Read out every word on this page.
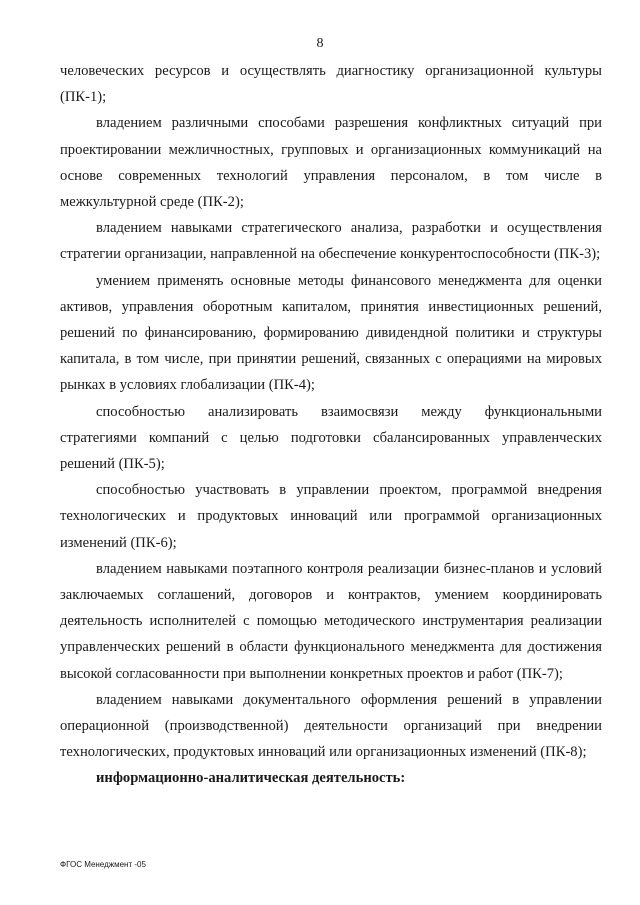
8

человеческих ресурсов и осуществлять диагностику организационной культуры (ПК-1);

владением различными способами разрешения конфликтных ситуаций при проектировании межличностных, групповых и организационных коммуникаций на основе современных технологий управления персоналом, в том числе в межкультурной среде (ПК-2);

владением навыками стратегического анализа, разработки и осуществления стратегии организации, направленной на обеспечение конкурентоспособности (ПК-3);

умением применять основные методы финансового менеджмента для оценки активов, управления оборотным капиталом, принятия инвестиционных решений, решений по финансированию, формированию дивидендной политики и структуры капитала, в том числе, при принятии решений, связанных с операциями на мировых рынках в условиях глобализации (ПК-4);

способностью анализировать взаимосвязи между функциональными стратегиями компаний с целью подготовки сбалансированных управленческих решений (ПК-5);

способностью участвовать в управлении проектом, программой внедрения технологических и продуктовых инноваций или программой организационных изменений (ПК-6);

владением навыками поэтапного контроля реализации бизнес-планов и условий заключаемых соглашений, договоров и контрактов, умением координировать деятельность исполнителей с помощью методического инструментария реализации управленческих решений в области функционального менеджмента для достижения высокой согласованности при выполнении конкретных проектов и работ (ПК-7);

владением навыками документального оформления решений в управлении операционной (производственной) деятельности организаций при внедрении технологических, продуктовых инноваций или организационных изменений (ПК-8);

информационно-аналитическая деятельность:

ФГОС Менеджмент -05
